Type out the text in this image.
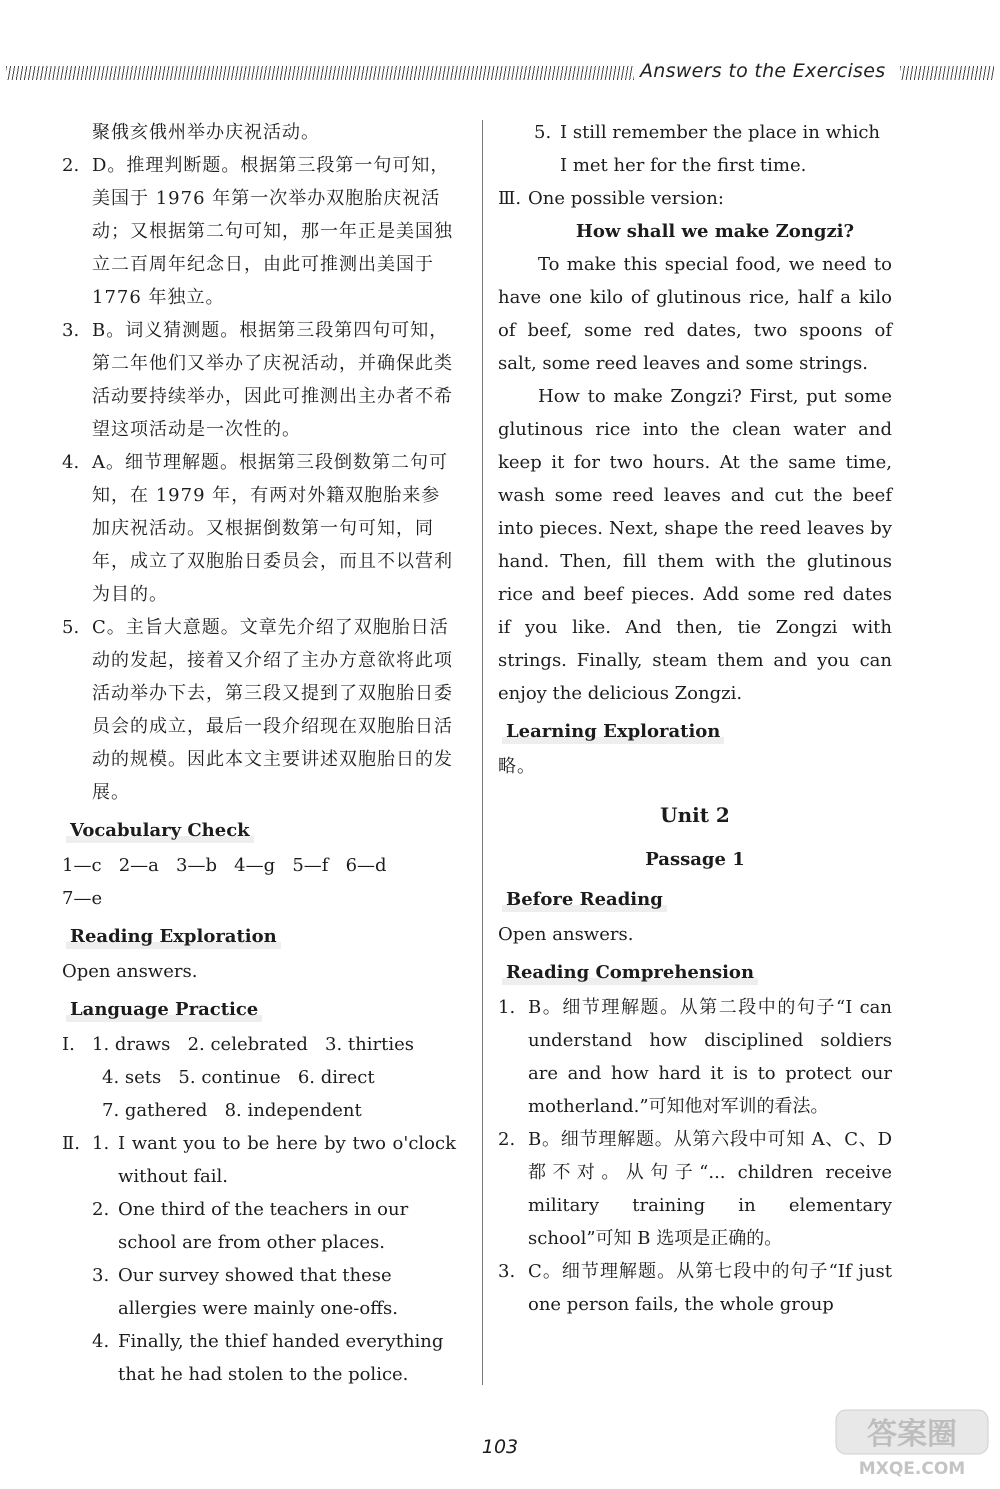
Answers to the Exercises

聚俄亥俄州举办庆祝活动。

2. D。推理判断题。根据第三段第一句可知，美国于 1976 年第一次举办双胞胎庆祝活动；又根据第二句可知，那一年正是美国独立二百周年纪念日，由此可推测出美国于 1776 年独立。

3. B。词义猜测题。根据第三段第四句可知，第二年他们又举办了庆祝活动，并确保此类活动要持续举办，因此可推测出主办者不希望这项活动是一次性的。

4. A。细节理解题。根据第三段倒数第二句可知，在 1979 年，有两对外籍双胞胎来参加庆祝活动。又根据倒数第一句可知，同年，成立了双胞胎日委员会，而且不以营利为目的。

5. C。主旨大意题。文章先介绍了双胞胎日活动的发起，接着又介绍了主办方意欲将此项活动举办下去，第三段又提到了双胞胎日委员会的成立，最后一段介绍现在双胞胎日活动的规模。因此本文主要讲述双胞胎日的发展。

Vocabulary Check

1—c   2—a   3—b   4—g   5—f   6—d

7—e

Reading Exploration

Open answers.

Language Practice
Ⅰ. 1. draws   2. celebrated   3. thirties

4. sets   5. continue   6. direct

7. gathered   8. independent

Ⅱ. 1. I want you to be here by two o'clock without fail.

2. One third of the teachers in our school are from other places.

3. Our survey showed that these allergies were mainly one-offs.

4. Finally, the thief handed everything that he had stolen to the police.

5. I still remember the place in which I met her for the first time.

Ⅲ. One possible version:

How shall we make Zongzi?

To make this special food, we need to have one kilo of glutinous rice, half a kilo of beef, some red dates, two spoons of salt, some reed leaves and some strings.

How to make Zongzi? First, put some glutinous rice into the clean water and keep it for two hours. At the same time, wash some reed leaves and cut the beef into pieces. Next, shape the reed leaves by hand. Then, fill them with the glutinous rice and beef pieces. Add some red dates if you like. And then, tie Zongzi with strings. Finally, steam them and you can enjoy the delicious Zongzi.

Learning Exploration

略。

Unit 2
Passage 1
Before Reading

Open answers.

Reading Comprehension
1. B。细节理解题。从第二段中的句子“I can understand how disciplined soldiers are and how hard it is to protect our motherland.”可知他对军训的看法。

2. B。细节理解题。从第六段中可知 A、C、D 都不对。从句子“... children receive military training in elementary school”可知 B 选项是正确的。

3. C。细节理解题。从第七段中的句子“If just one person fails, the whole group

103	答案圈
MXQE.COM
